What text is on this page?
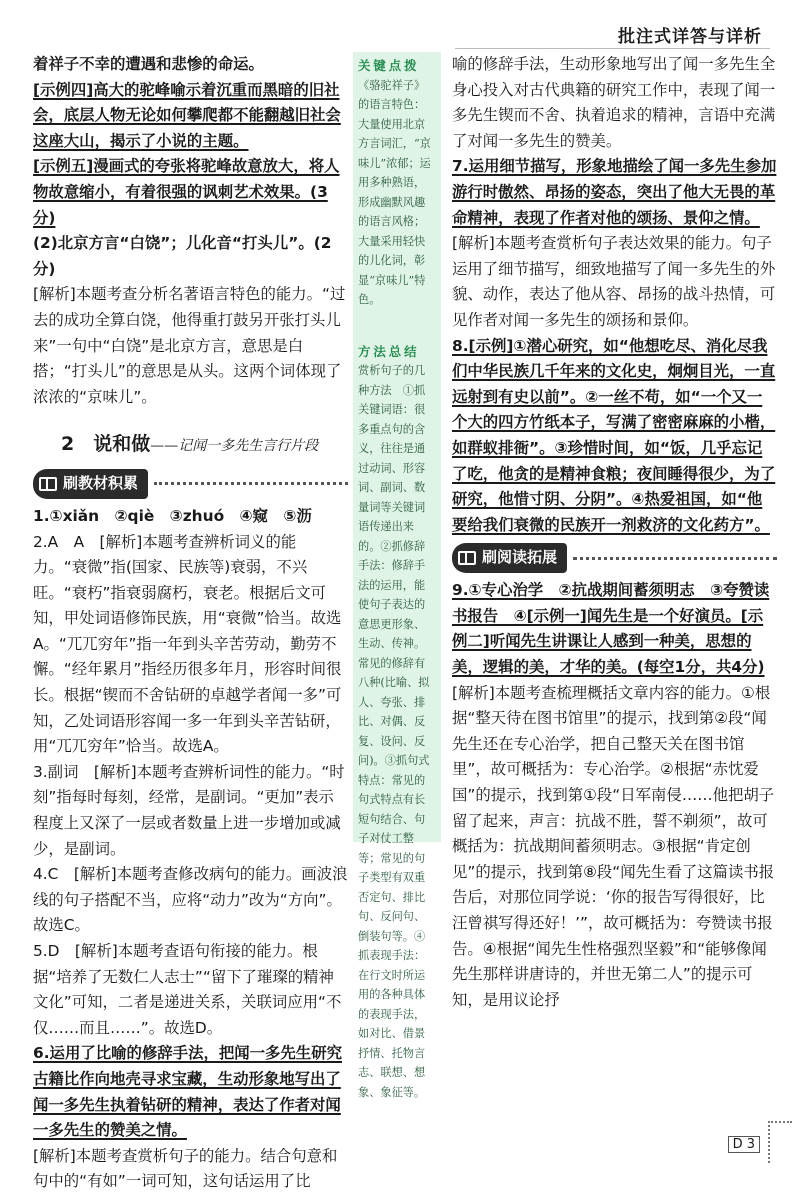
批注式详答与详析

着祥子不幸的遭遇和悲惨的命运。

[示例四]高大的驼峰喻示着沉重而黑暗的旧社会，底层人物无论如何攀爬都不能翻越旧社会这座大山，揭示了小说的主题。

[示例五]漫画式的夸张将驼峰故意放大，将人物故意缩小，有着很强的讽刺艺术效果。(3分)

(2)北京方言“白饶”；儿化音“打头儿”。(2分)

[解析]本题考查分析名著语言特色的能力。“过去的成功全算白饶，他得重打鼓另开张打头儿来”一句中“白饶”是北京方言，意思是白搭；“打头儿”的意思是从头。这两个词体现了浓浓的“京味儿”。

2　说和做——记闻一多先生言行片段
刷教材积累

1.①xiǎn　②qiè　③zhuó　④窥　⑤沥

2.A　A　[解析]本题考查辨析词义的能力。“衰微”指(国家、民族等)衰弱，不兴旺。“衰朽”指衰弱腐朽，衰老。根据后文可知，甲处词语修饰民族，用“衰微”恰当。故选A。“兀兀穷年”指一年到头辛苦劳动，勤劳不懈。“经年累月”指经历很多年月，形容时间很长。根据“锲而不舍钻研的卓越学者闻一多”可知，乙处词语形容闻一多一年到头辛苦钻研，用“兀兀穷年”恰当。故选A。

3.副词　[解析]本题考查辨析词性的能力。“时刻”指每时每刻，经常，是副词。“更加”表示程度上又深了一层或者数量上进一步增加或减少，是副词。

4.C　[解析]本题考查修改病句的能力。画波浪线的句子搭配不当，应将“动力”改为“方向”。故选C。

5.D　[解析]本题考查语句衔接的能力。根据“培养了无数仁人志士”“留下了璀璨的精神文化”可知，二者是递进关系，关联词应用“不仅……而且……”。故选D。

6.运用了比喻的修辞手法，把闻一多先生研究古籍比作向地壳寻求宝藏，生动形象地写出了闻一多先生执着钻研的精神，表达了作者对闻一多先生的赞美之情。

[解析]本题考查赏析句子的能力。结合句意和句中的“有如”一词可知，这句话运用了比

关键点拨
《骆驼祥子》的语言特色：大量使用北京方言词汇，“京味儿”浓郁；运用多种熟语，形成幽默风趣的语言风格；大量采用轻快的儿化词，彰显“京味儿”特色。
方法总结
赏析句子的几种方法　①抓关键词语：很多重点句的含义，往往是通过动词、形容词、副词、数量词等关键词语传递出来的。②抓修辞手法：修辞手法的运用，能使句子表达的意思更形象、生动、传神。常见的修辞有八种(比喻、拟人、夸张、排比、对偶、反复、设问、反问)。③抓句式特点：常见的句式特点有长短句结合、句子对仗工整等；常见的句子类型有双重否定句、排比句、反问句、倒装句等。④抓表现手法：在行文时所运用的各种具体的表现手法，如对比、借景抒情、托物言志、联想、想象、象征等。

喻的修辞手法，生动形象地写出了闻一多先生全身心投入对古代典籍的研究工作中，表现了闻一多先生锲而不舍、执着追求的精神，言语中充满了对闻一多先生的赞美。

7.运用细节描写，形象地描绘了闻一多先生参加游行时傲然、昂扬的姿态，突出了他大无畏的革命精神，表现了作者对他的颂扬、景仰之情。

[解析]本题考查赏析句子表达效果的能力。句子运用了细节描写，细致地描写了闻一多先生的外貌、动作，表达了他从容、昂扬的战斗热情，可见作者对闻一多先生的颂扬和景仰。

8.[示例]①潜心研究，如“他想吃尽、消化尽我们中华民族几千年来的文化史，炯炯目光，一直远射到有史以前”。②一丝不苟，如“一个又一个大的四方竹纸本子，写满了密密麻麻的小楷，如群蚁排衙”。③珍惜时间，如“饭，几乎忘记了吃，他贪的是精神食粮；夜间睡得很少，为了研究，他惜寸阴、分阴”。④热爱祖国，如“他要给我们衰微的民族开一剂救济的文化药方”。

刷阅读拓展

9.①专心治学　②抗战期间蓄须明志　③夸赞读书报告　④[示例一]闻先生是一个好演员。[示例二]听闻先生讲课让人感到一种美，思想的美，逻辑的美，才华的美。(每空1分，共4分)

[解析]本题考查梳理概括文章内容的能力。①根据“整天待在图书馆里”的提示，找到第②段“闻先生还在专心治学，把自己整天关在图书馆里”，故可概括为：专心治学。②根据“赤忱爱国”的提示，找到第①段“日军南侵……他把胡子留了起来，声言：抗战不胜，誓不剃须”，故可概括为：抗战期间蓄须明志。③根据“肯定创见”的提示，找到第⑧段“闻先生看了这篇读书报告后，对那位同学说：‘你的报告写得很好，比汪曾祺写得还好！’”，故可概括为：夸赞读书报告。④根据“闻先生性格强烈坚毅”和“能够像闻先生那样讲唐诗的，并世无第二人”的提示可知，是用议论抒

D 3
